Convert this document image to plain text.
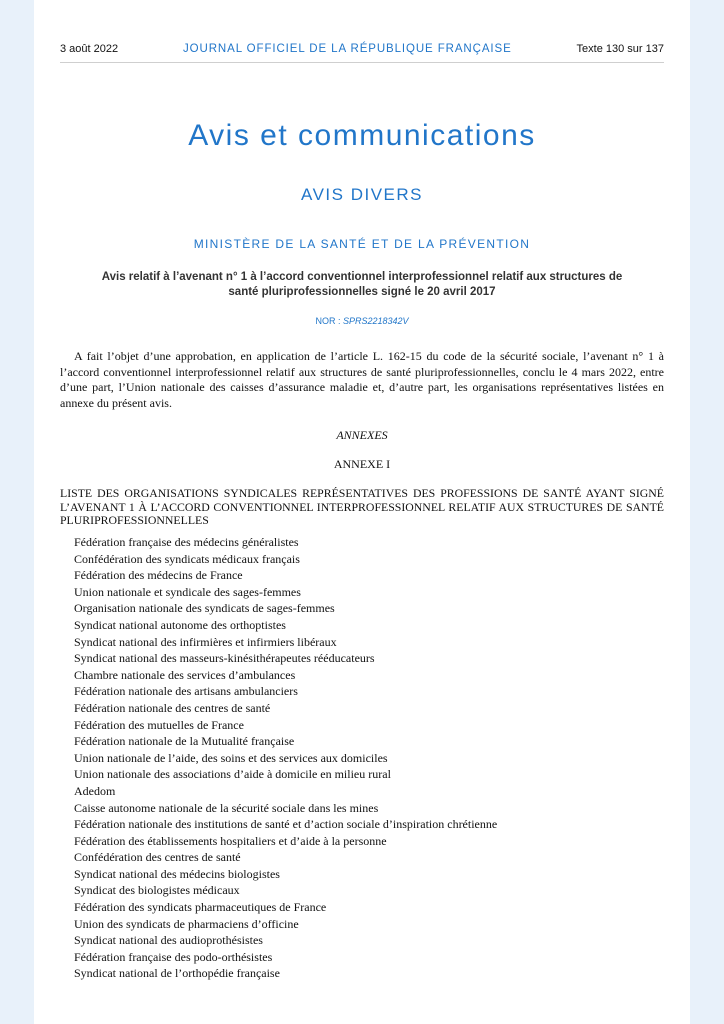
3 août 2022	JOURNAL OFFICIEL DE LA RÉPUBLIQUE FRANÇAISE	Texte 130 sur 137
Avis et communications
AVIS DIVERS
MINISTÈRE DE LA SANTÉ ET DE LA PRÉVENTION
Avis relatif à l’avenant n° 1 à l’accord conventionnel interprofessionnel relatif aux structures de santé pluriprofessionnelles signé le 20 avril 2017
NOR : SPRS2218342V

A fait l’objet d’une approbation, en application de l’article L. 162-15 du code de la sécurité sociale, l’avenant n° 1 à l’accord conventionnel interprofessionnel relatif aux structures de santé pluriprofessionnelles, conclu le 4 mars 2022, entre d’une part, l’Union nationale des caisses d’assurance maladie et, d’autre part, les organisations représentatives listées en annexe du présent avis.

ANNEXES
ANNEXE I
LISTE DES ORGANISATIONS SYNDICALES REPRÉSENTATIVES DES PROFESSIONS DE SANTÉ AYANT SIGNÉ L’AVENANT 1 À L’ACCORD CONVENTIONNEL INTERPROFESSIONNEL RELATIF AUX STRUCTURES DE SANTÉ PLURIPROFESSIONNELLES
Fédération française des médecins généralistes
Confédération des syndicats médicaux français
Fédération des médecins de France
Union nationale et syndicale des sages-femmes
Organisation nationale des syndicats de sages-femmes
Syndicat national autonome des orthoptistes
Syndicat national des infirmières et infirmiers libéraux
Syndicat national des masseurs-kinésithérapeutes rééducateurs
Chambre nationale des services d’ambulances
Fédération nationale des artisans ambulanciers
Fédération nationale des centres de santé
Fédération des mutuelles de France
Fédération nationale de la Mutualité française
Union nationale de l’aide, des soins et des services aux domiciles
Union nationale des associations d’aide à domicile en milieu rural
Adedom
Caisse autonome nationale de la sécurité sociale dans les mines
Fédération nationale des institutions de santé et d’action sociale d’inspiration chrétienne
Fédération des établissements hospitaliers et d’aide à la personne
Confédération des centres de santé
Syndicat national des médecins biologistes
Syndicat des biologistes médicaux
Fédération des syndicats pharmaceutiques de France
Union des syndicats de pharmaciens d’officine
Syndicat national des audioprothésistes
Fédération française des podo-orthésistes
Syndicat national de l’orthopédie française
